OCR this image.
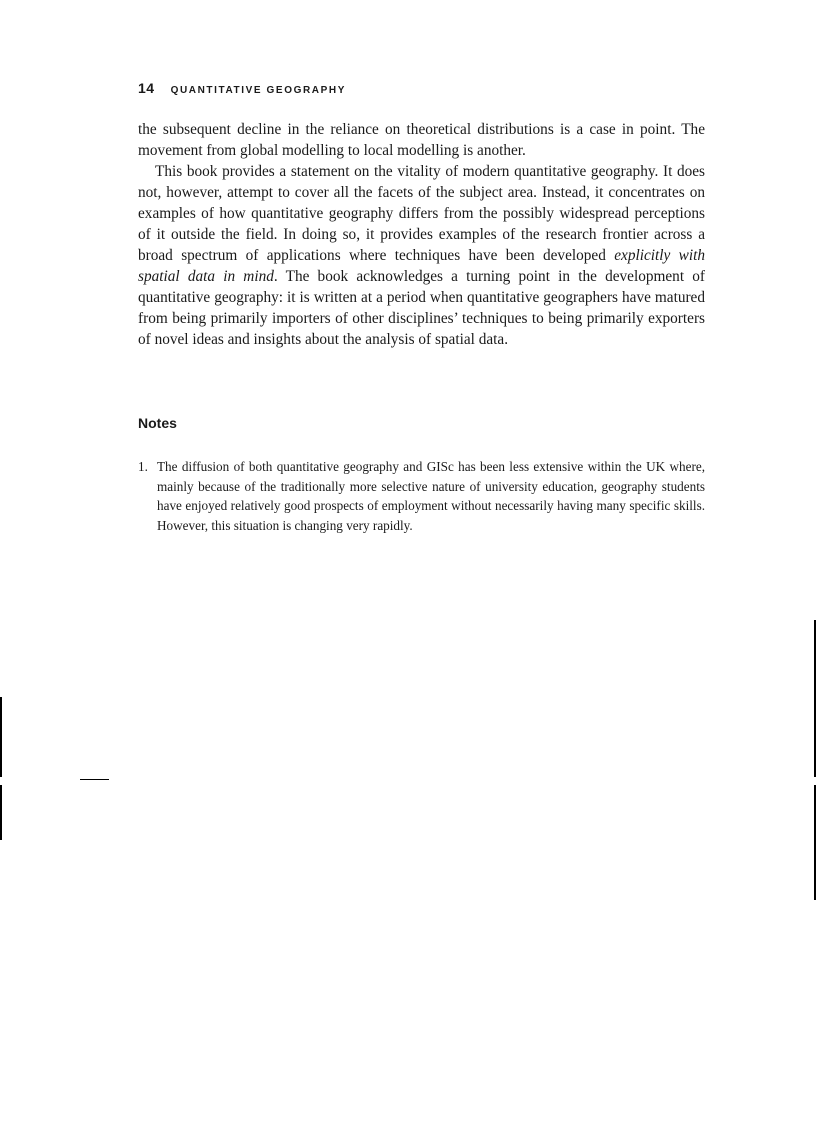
14 QUANTITATIVE GEOGRAPHY

the subsequent decline in the reliance on theoretical distributions is a case in point. The movement from global modelling to local modelling is another.

This book provides a statement on the vitality of modern quantitative geography. It does not, however, attempt to cover all the facets of the subject area. Instead, it concentrates on examples of how quantitative geography differs from the possibly widespread perceptions of it outside the field. In doing so, it provides examples of the research frontier across a broad spectrum of applications where techniques have been developed explicitly with spatial data in mind. The book acknowledges a turning point in the development of quantitative geography: it is written at a period when quantitative geographers have matured from being primarily importers of other disciplines’ techniques to being primarily exporters of novel ideas and insights about the analysis of spatial data.

Notes
1. The diffusion of both quantitative geography and GISc has been less extensive within the UK where, mainly because of the traditionally more selective nature of university education, geography students have enjoyed relatively good prospects of employment without necessarily having many specific skills. However, this situation is changing very rapidly.
